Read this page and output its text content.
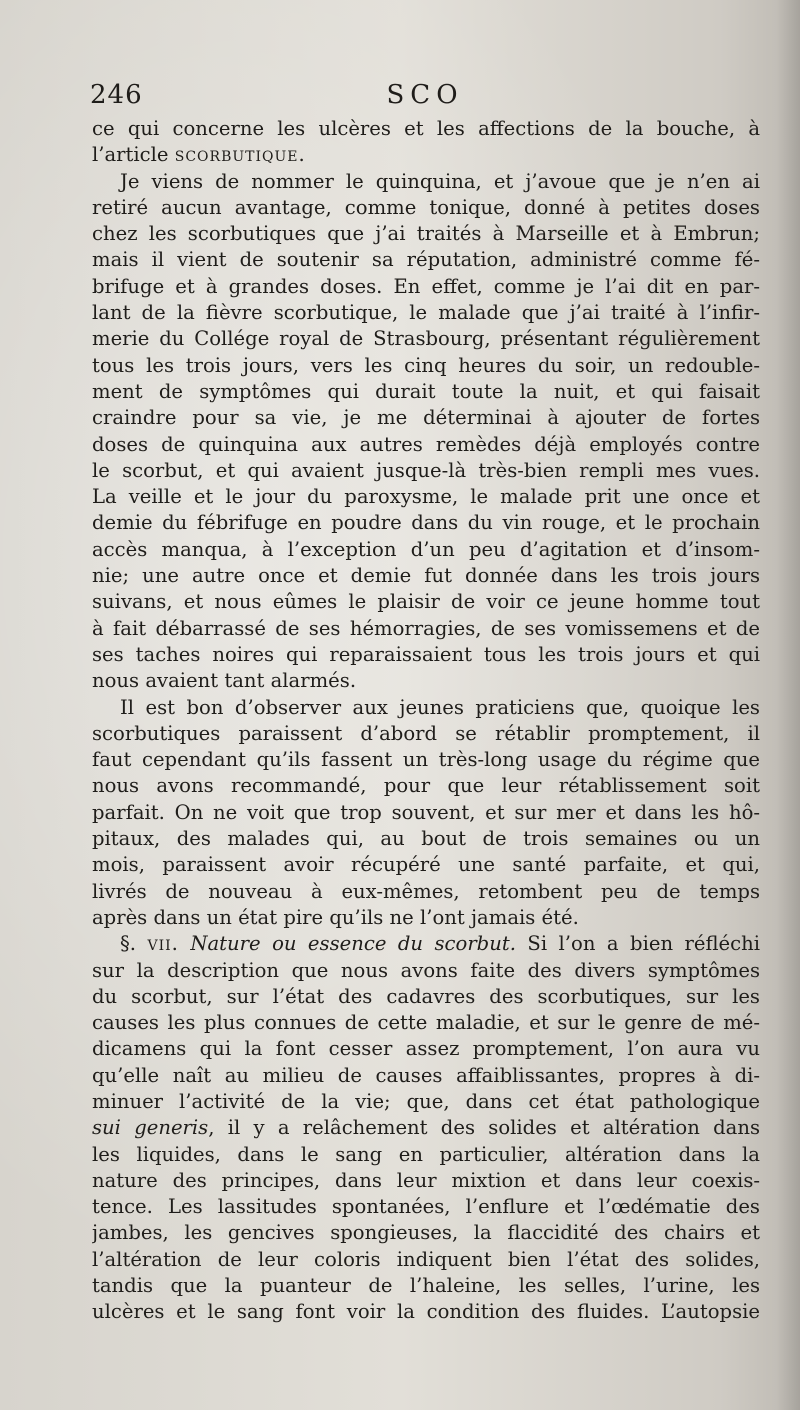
246	SCO
ce qui concerne les ulcères et les affections de la bouche, à
l’article scorbutique.
Je viens de nommer le quinquina, et j’avoue que je n’en ai
retiré aucun avantage, comme tonique, donné à petites doses
chez les scorbutiques que j’ai traités à Marseille et à Embrun;
mais il vient de soutenir sa réputation, administré comme fé-
brifuge et à grandes doses. En effet, comme je l’ai dit en par-
lant de la fièvre scorbutique, le malade que j’ai traité à l’infir-
merie du Collége royal de Strasbourg, présentant régulièrement
tous les trois jours, vers les cinq heures du soir, un redouble-
ment de symptômes qui durait toute la nuit, et qui faisait
craindre pour sa vie, je me déterminai à ajouter de fortes
doses de quinquina aux autres remèdes déjà employés contre
le scorbut, et qui avaient jusque-là très-bien rempli mes vues.
La veille et le jour du paroxysme, le malade prit une once et
demie du fébrifuge en poudre dans du vin rouge, et le prochain
accès manqua, à l’exception d’un peu d’agitation et d’insom-
nie; une autre once et demie fut donnée dans les trois jours
suivans, et nous eûmes le plaisir de voir ce jeune homme tout
à fait débarrassé de ses hémorragies, de ses vomissemens et de
ses taches noires qui reparaissaient tous les trois jours et qui
nous avaient tant alarmés.
Il est bon d’observer aux jeunes praticiens que, quoique les
scorbutiques paraissent d’abord se rétablir promptement, il
faut cependant qu’ils fassent un très-long usage du régime que
nous avons recommandé, pour que leur rétablissement soit
parfait. On ne voit que trop souvent, et sur mer et dans les hô-
pitaux, des malades qui, au bout de trois semaines ou un
mois, paraissent avoir récupéré une santé parfaite, et qui,
livrés de nouveau à eux-mêmes, retombent peu de temps
après dans un état pire qu’ils ne l’ont jamais été.
§. vii. Nature ou essence du scorbut. Si l’on a bien réfléchi
sur la description que nous avons faite des divers symptômes
du scorbut, sur l’état des cadavres des scorbutiques, sur les
causes les plus connues de cette maladie, et sur le genre de mé-
dicamens qui la font cesser assez promptement, l’on aura vu
qu’elle naît au milieu de causes affaiblissantes, propres à di-
minuer l’activité de la vie; que, dans cet état pathologique
sui generis, il y a relâchement des solides et altération dans
les liquides, dans le sang en particulier, altération dans la
nature des principes, dans leur mixtion et dans leur coexis-
tence. Les lassitudes spontanées, l’enflure et l’œdématie des
jambes, les gencives spongieuses, la flaccidité des chairs et
l’altération de leur coloris indiquent bien l’état des solides,
tandis que la puanteur de l’haleine, les selles, l’urine, les
ulcères et le sang font voir la condition des fluides. L’autopsie
